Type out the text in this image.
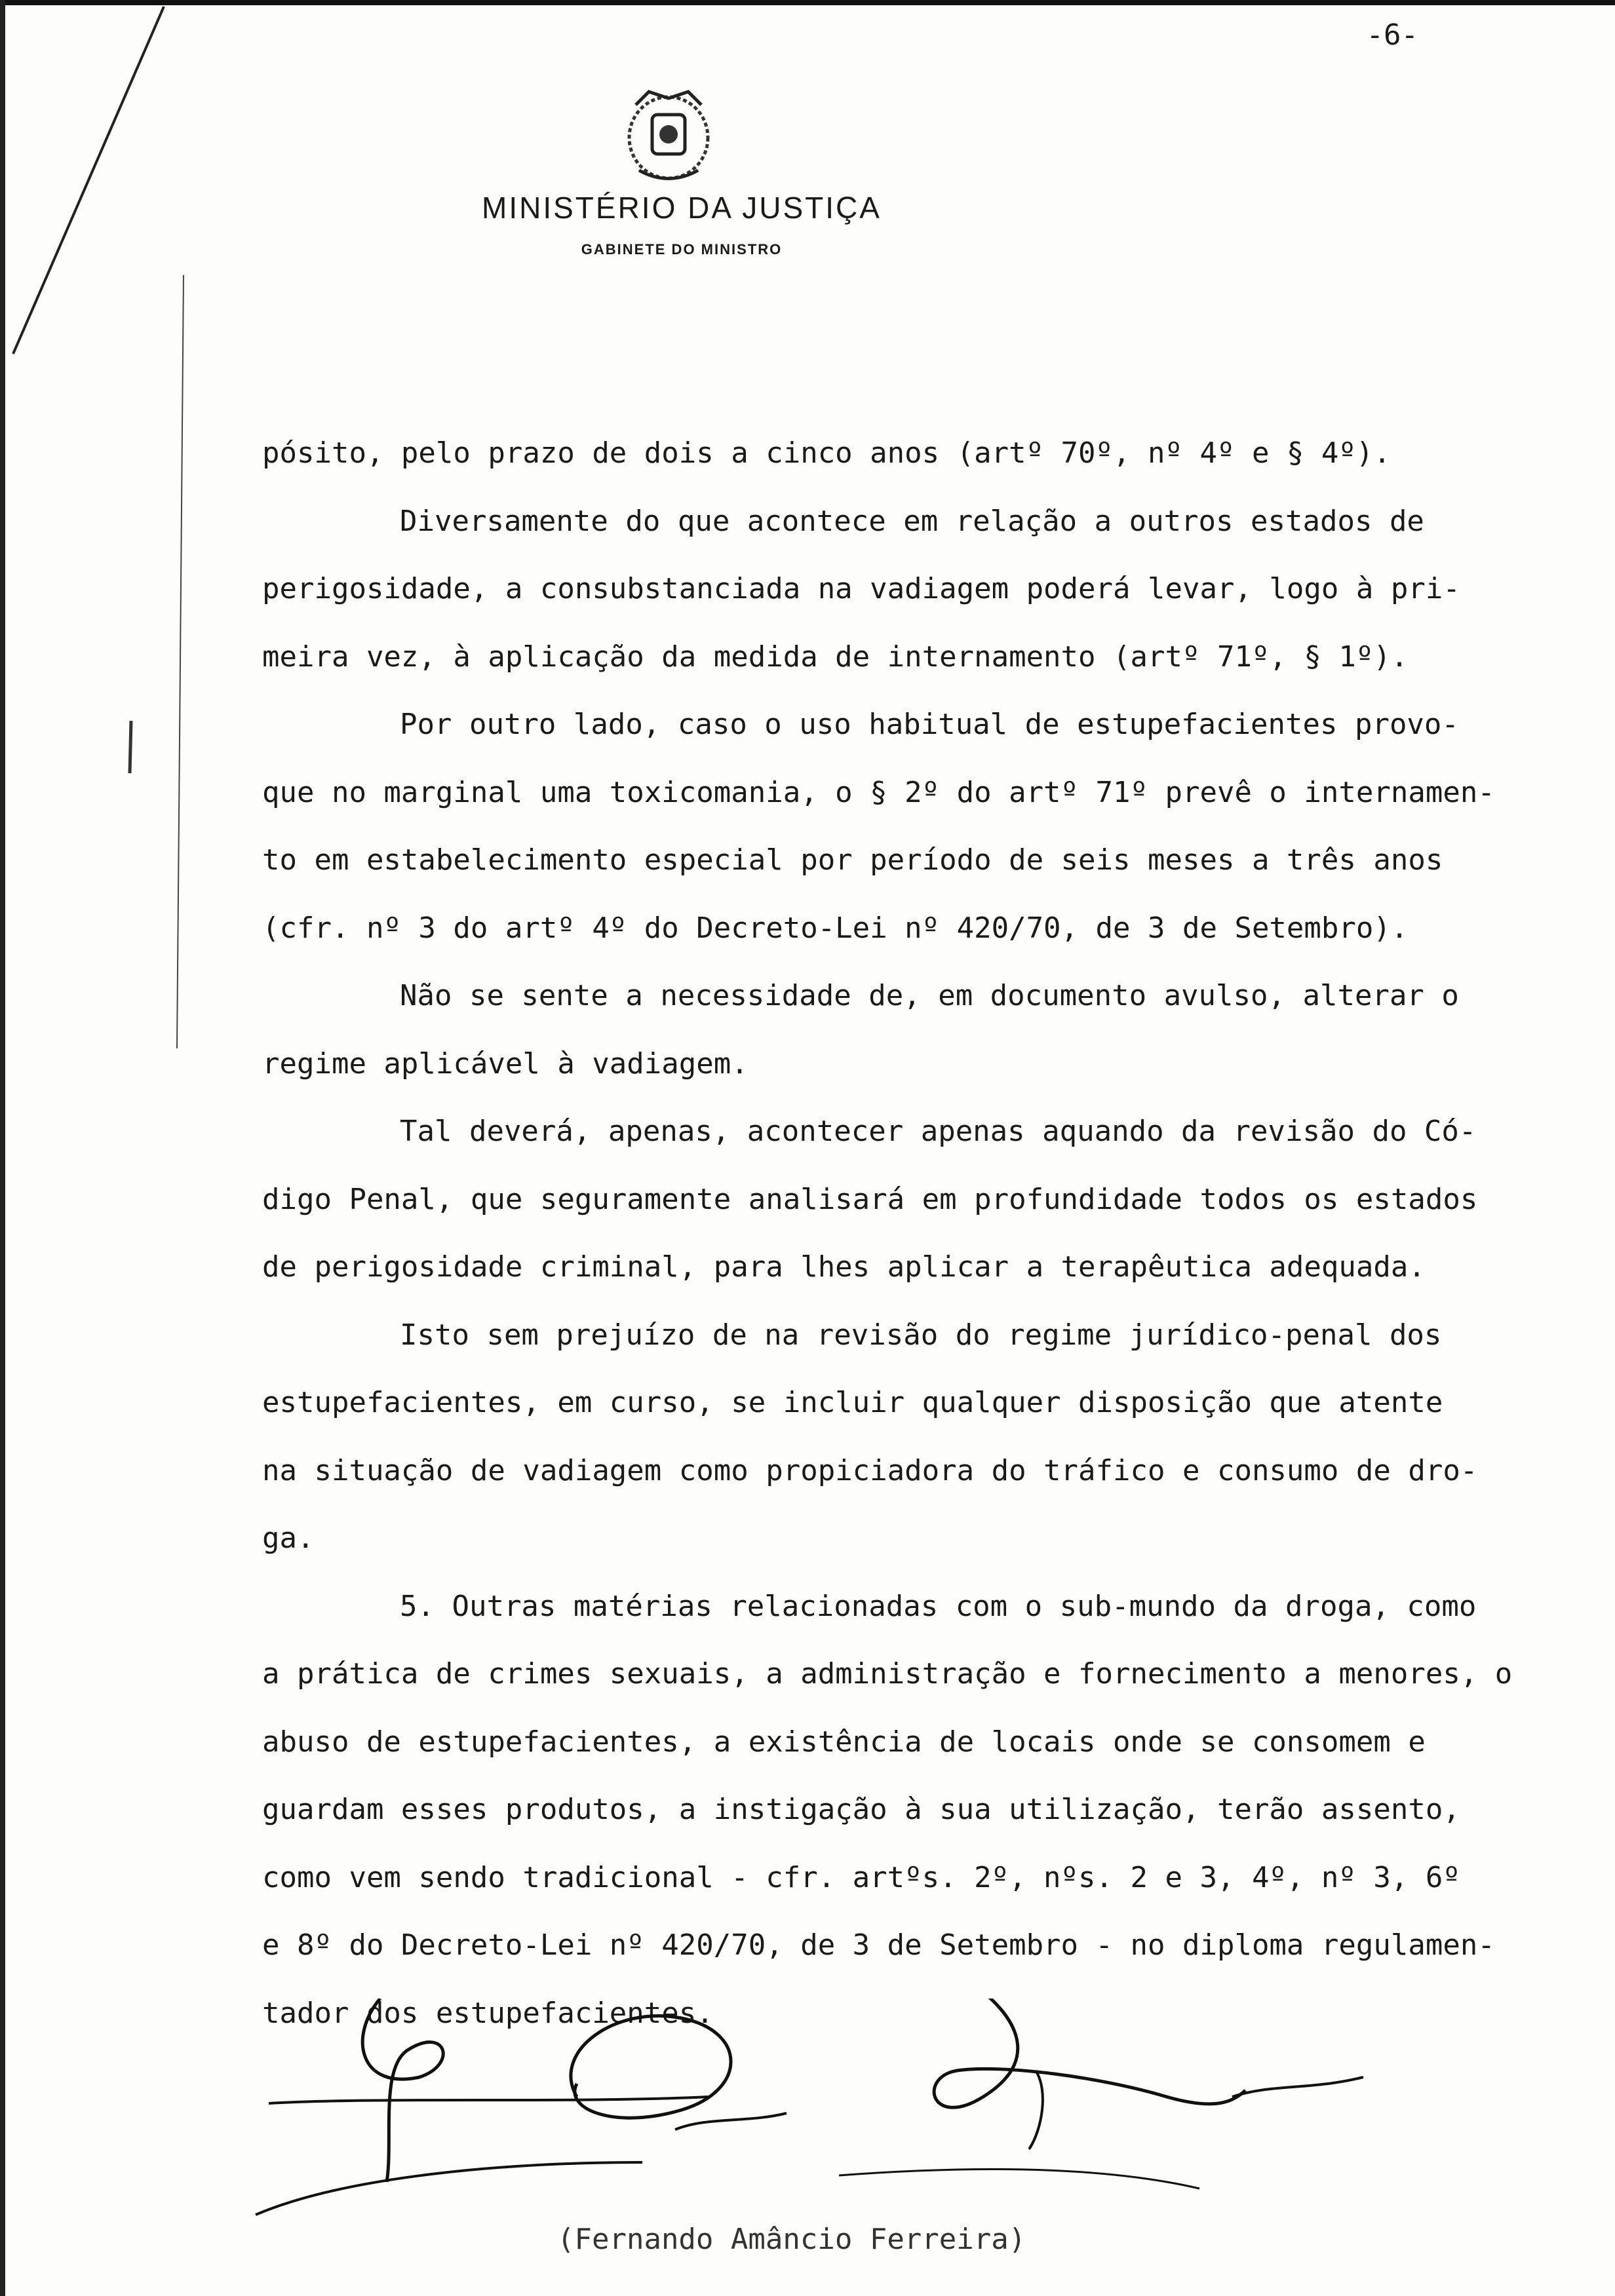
-6-
MINISTÉRIO DA JUSTIÇA
GABINETE DO MINISTRO
pósito, pelo prazo de dois a cinco anos (artº 70º, nº 4º e § 4º).
Diversamente do que acontece em relação a outros estados de
perigosidade, a consubstanciada na vadiagem poderá levar, logo à pri-
meira vez, à aplicação da medida de internamento (artº 71º, § 1º).
Por outro lado, caso o uso habitual de estupefacientes provo-
que no marginal uma toxicomania, o § 2º do artº 71º prevê o internamen-
to em estabelecimento especial por período de seis meses a três anos
(cfr. nº 3 do artº 4º do Decreto-Lei nº 420/70, de 3 de Setembro).
Não se sente a necessidade de, em documento avulso, alterar o
regime aplicável à vadiagem.
Tal deverá, apenas, acontecer apenas aquando da revisão do Có-
digo Penal, que seguramente analisará em profundidade todos os estados
de perigosidade criminal, para lhes aplicar a terapêutica adequada.
Isto sem prejuízo de na revisão do regime jurídico-penal dos
estupefacientes, em curso, se incluir qualquer disposição que atente
na situação de vadiagem como propiciadora do tráfico e consumo de dro-
ga.
5. Outras matérias relacionadas com o sub-mundo da droga, como
a prática de crimes sexuais, a administração e fornecimento a menores, o
abuso de estupefacientes, a existência de locais onde se consomem e
guardam esses produtos, a instigação à sua utilização, terão assento,
como vem sendo tradicional - cfr. artºs. 2º, nºs. 2 e 3, 4º, nº 3, 6º
e 8º do Decreto-Lei nº 420/70, de 3 de Setembro - no diploma regulamen-
tador dos estupefacientes.
(Fernando Amâncio Ferreira)
